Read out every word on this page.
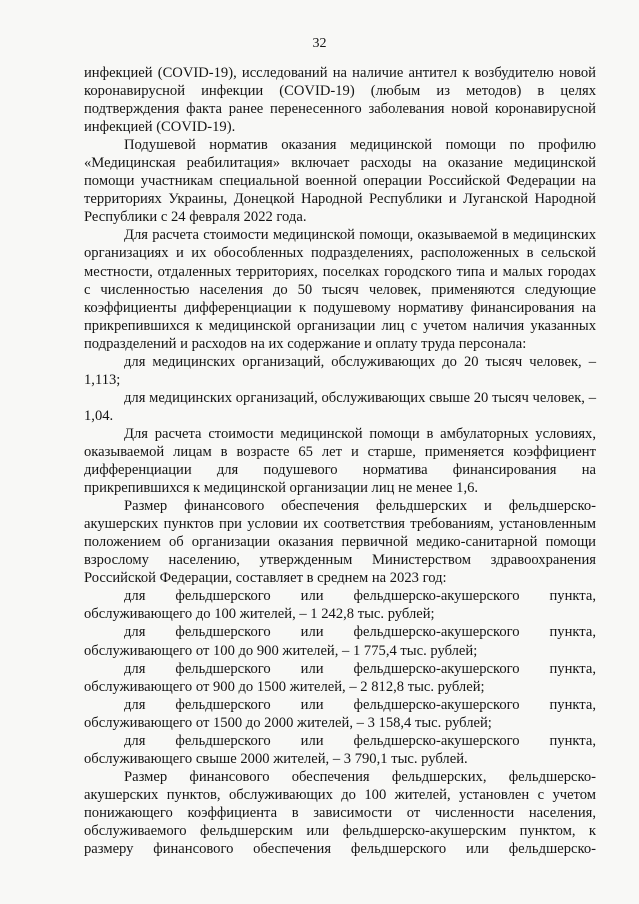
32

инфекцией (COVID-19), исследований на наличие антител к возбудителю новой коронавирусной инфекции (COVID-19) (любым из методов) в целях подтверждения факта ранее перенесенного заболевания новой коронавирусной инфекцией (COVID-19).

Подушевой норматив оказания медицинской помощи по профилю «Медицинская реабилитация» включает расходы на оказание медицинской помощи участникам специальной военной операции Российской Федерации на территориях Украины, Донецкой Народной Республики и Луганской Народной Республики с 24 февраля 2022 года.

Для расчета стоимости медицинской помощи, оказываемой в медицинских организациях и их обособленных подразделениях, расположенных в сельской местности, отдаленных территориях, поселках городского типа и малых городах с численностью населения до 50 тысяч человек, применяются следующие коэффициенты дифференциации к подушевому нормативу финансирования на прикрепившихся к медицинской организации лиц с учетом наличия указанных подразделений и расходов на их содержание и оплату труда персонала:

для медицинских организаций, обслуживающих до 20 тысяч человек, – 1,113;

для медицинских организаций, обслуживающих свыше 20 тысяч человек, – 1,04.

Для расчета стоимости медицинской помощи в амбулаторных условиях, оказываемой лицам в возрасте 65 лет и старше, применяется коэффициент дифференциации для подушевого норматива финансирования на прикрепившихся к медицинской организации лиц не менее 1,6.

Размер финансового обеспечения фельдшерских и фельдшерско-акушерских пунктов при условии их соответствия требованиям, установленным положением об организации оказания первичной медико-санитарной помощи взрослому населению, утвержденным Министерством здравоохранения Российской Федерации, составляет в среднем на 2023 год:

для фельдшерского или фельдшерско-акушерского пункта, обслуживающего до 100 жителей, – 1 242,8 тыс. рублей;

для фельдшерского или фельдшерско-акушерского пункта, обслуживающего от 100 до 900 жителей, – 1 775,4 тыс. рублей;

для фельдшерского или фельдшерско-акушерского пункта, обслуживающего от 900 до 1500 жителей, – 2 812,8 тыс. рублей;

для фельдшерского или фельдшерско-акушерского пункта, обслуживающего от 1500 до 2000 жителей, – 3 158,4 тыс. рублей;

для фельдшерского или фельдшерско-акушерского пункта, обслуживающего свыше 2000 жителей, – 3 790,1 тыс. рублей.

Размер финансового обеспечения фельдшерских, фельдшерско-акушерских пунктов, обслуживающих до 100 жителей, установлен с учетом понижающего коэффициента в зависимости от численности населения, обслуживаемого фельдшерским или фельдшерско-акушерским пунктом, к размеру финансового обеспечения фельдшерского или фельдшерско-
